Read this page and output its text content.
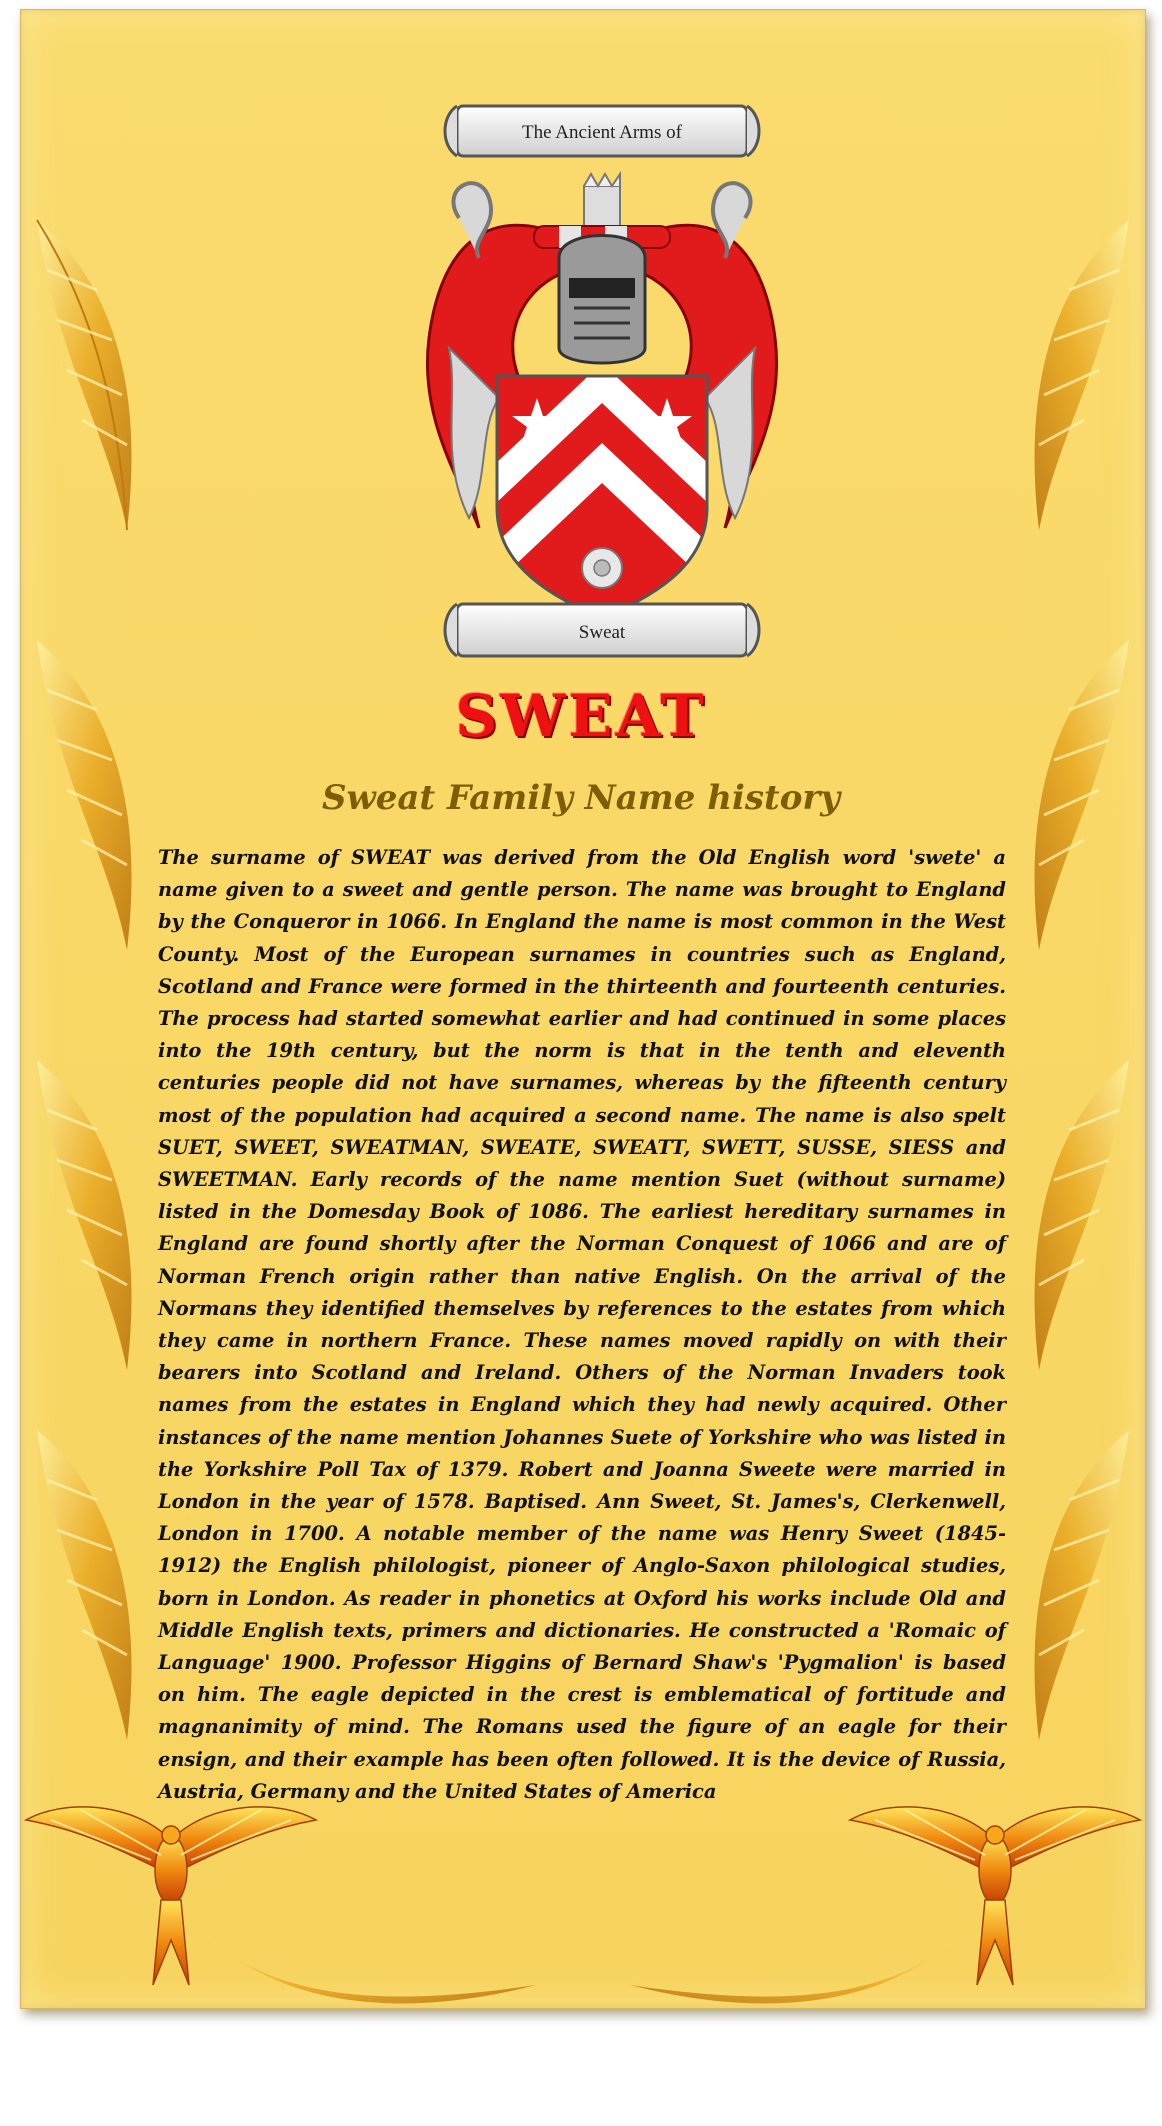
The Ancient Arms of
Sweat
SWEAT
Sweat Family Name history

The surname of SWEAT was derived from the Old English word 'swete' a name given to a sweet and gentle person. The name was brought to England by the Conqueror in 1066. In England the name is most common in the West County. Most of the European surnames in countries such as England, Scotland and France were formed in the thirteenth and fourteenth centuries. The process had started somewhat earlier and had continued in some places into the 19th century, but the norm is that in the tenth and eleventh centuries people did not have surnames, whereas by the fifteenth century most of the population had acquired a second name. The name is also spelt SUET, SWEET, SWEATMAN, SWEATE, SWEATT, SWETT, SUSSE, SIESS and SWEETMAN. Early records of the name mention Suet (without surname) listed in the Domesday Book of 1086. The earliest hereditary surnames in England are found shortly after the Norman Conquest of 1066 and are of Norman French origin rather than native English. On the arrival of the Normans they identified themselves by references to the estates from which they came in northern France. These names moved rapidly on with their bearers into Scotland and Ireland. Others of the Norman Invaders took names from the estates in England which they had newly acquired. Other instances of the name mention Johannes Suete of Yorkshire who was listed in the Yorkshire Poll Tax of 1379. Robert and Joanna Sweete were married in London in the year of 1578. Baptised. Ann Sweet, St. James's, Clerkenwell, London in 1700. A notable member of the name was Henry Sweet (1845-1912) the English philologist, pioneer of Anglo-Saxon philological studies, born in London. As reader in phonetics at Oxford his works include Old and Middle English texts, primers and dictionaries. He constructed a 'Romaic of Language' 1900. Professor Higgins of Bernard Shaw's 'Pygmalion' is based on him. The eagle depicted in the crest is emblematical of fortitude and magnanimity of mind. The Romans used the figure of an eagle for their ensign, and their example has been often followed. It is the device of Russia, Austria, Germany and the United States of America
